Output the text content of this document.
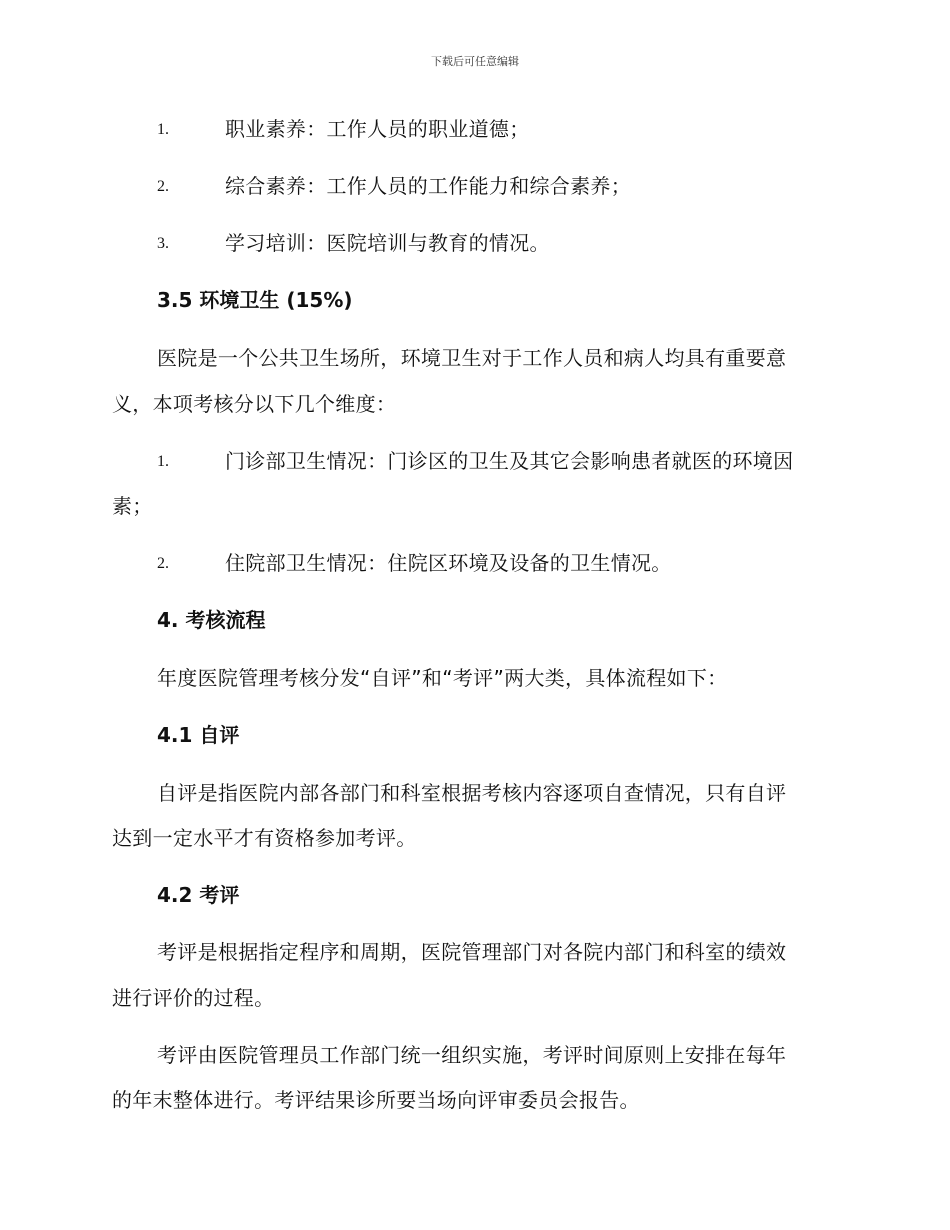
下载后可任意编辑
1.	职业素养：工作人员的职业道德；
2.	综合素养：工作人员的工作能力和综合素养；
3.	学习培训：医院培训与教育的情况。
3.5 环境卫生 (15%)
医院是一个公共卫生场所，环境卫生对于工作人员和病人均具有重要意
义，本项考核分以下几个维度：
1.	门诊部卫生情况：门诊区的卫生及其它会影响患者就医的环境因
素；
2.	住院部卫生情况：住院区环境及设备的卫生情况。
4. 考核流程
年度医院管理考核分发“自评”和“考评”两大类，具体流程如下：
4.1 自评
自评是指医院内部各部门和科室根据考核内容逐项自查情况，只有自评
达到一定水平才有资格参加考评。
4.2 考评
考评是根据指定程序和周期，医院管理部门对各院内部门和科室的绩效
进行评价的过程。
考评由医院管理员工作部门统一组织实施，考评时间原则上安排在每年
的年末整体进行。考评结果诊所要当场向评审委员会报告。
